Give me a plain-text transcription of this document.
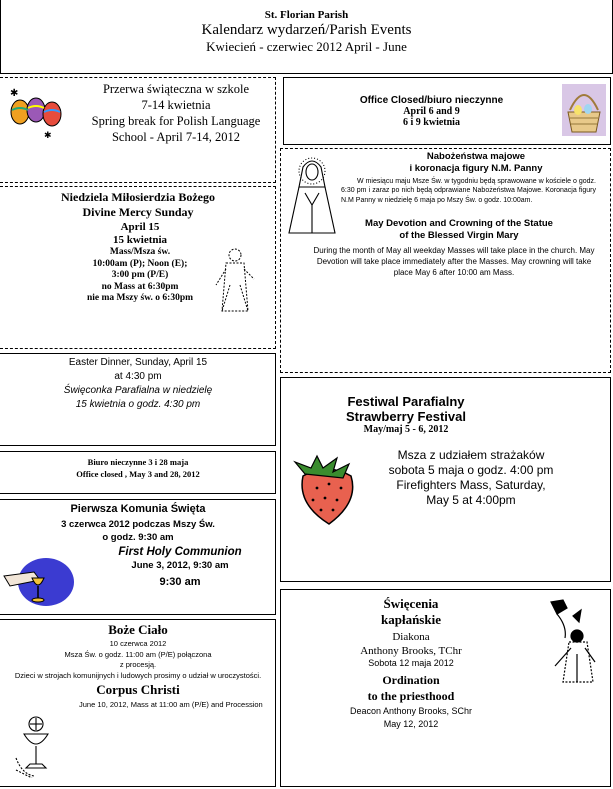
St. Florian Parish
Kalendarz wydarzeń/Parish Events
Kwiecień - czerwiec 2012 April - June
✱
✱
Przerwa świąteczna w szkole
7-14 kwietnia
Spring break for Polish Language
School - April 7-14, 2012
Office Closed/biuro nieczynne
April 6 and 9
6 i 9 kwietnia
Niedziela Miłosierdzia Bożego
Divine Mercy Sunday
April 15
15 kwietnia
Mass/Msza św.
10:00am (P); Noon (E);
3:00 pm (P/E)
no Mass at 6:30pm
nie ma Mszy św. o 6:30pm
Nabożeństwa majowe
i koronacja figury N.M. Panny
W miesiącu maju Msze Św. w tygodniu będą sprawowane w kościele o godz. 6:30 pm i zaraz po nich będą odprawiane Nabożeństwa Majowe. Koronacja figury N.M Panny w niedzielę 6 maja po Mszy Św. o godz. 10:00am.
May Devotion and Crowning of the Statue
of the Blessed Virgin Mary
During the month of May all weekday Masses will take place in the church. May Devotion will take place immediately after the Masses. May crowning will take place May 6 after 10:00 am Mass.
Easter Dinner, Sunday, April 15
at 4:30 pm
Święconka Parafialna w niedzielę
15 kwietnia o godz. 4:30 pm
Biuro nieczynne 3 i 28 maja
Office closed , May 3 and 28, 2012
Festiwal Parafialny
Strawberry Festival
May/maj 5 - 6, 2012
Msza z udziałem strażaków
sobota 5 maja o godz. 4:00 pm
Firefighters Mass, Saturday,
May 5 at 4:00pm
Pierwsza Komunia Święta
3 czerwca 2012 podczas Mszy Św.
o godz. 9:30 am
First Holy Communion
June 3, 2012, 9:30 am
9:30 am
Boże Ciało
10 czerwca 2012
Msza Św. o godz. 11:00 am (P/E) połączona
z procesją.
Dzieci w strojach komunijnych i ludowych prosimy o udział w uroczystości.
Corpus Christi
June 10, 2012, Mass at 11:00 am (P/E) and Procession
Święcenia
kapłańskie
Diakona
Anthony Brooks, TChr
Sobota 12 maja 2012
Ordination
to the priesthood
Deacon Anthony Brooks, SChr
May 12, 2012
